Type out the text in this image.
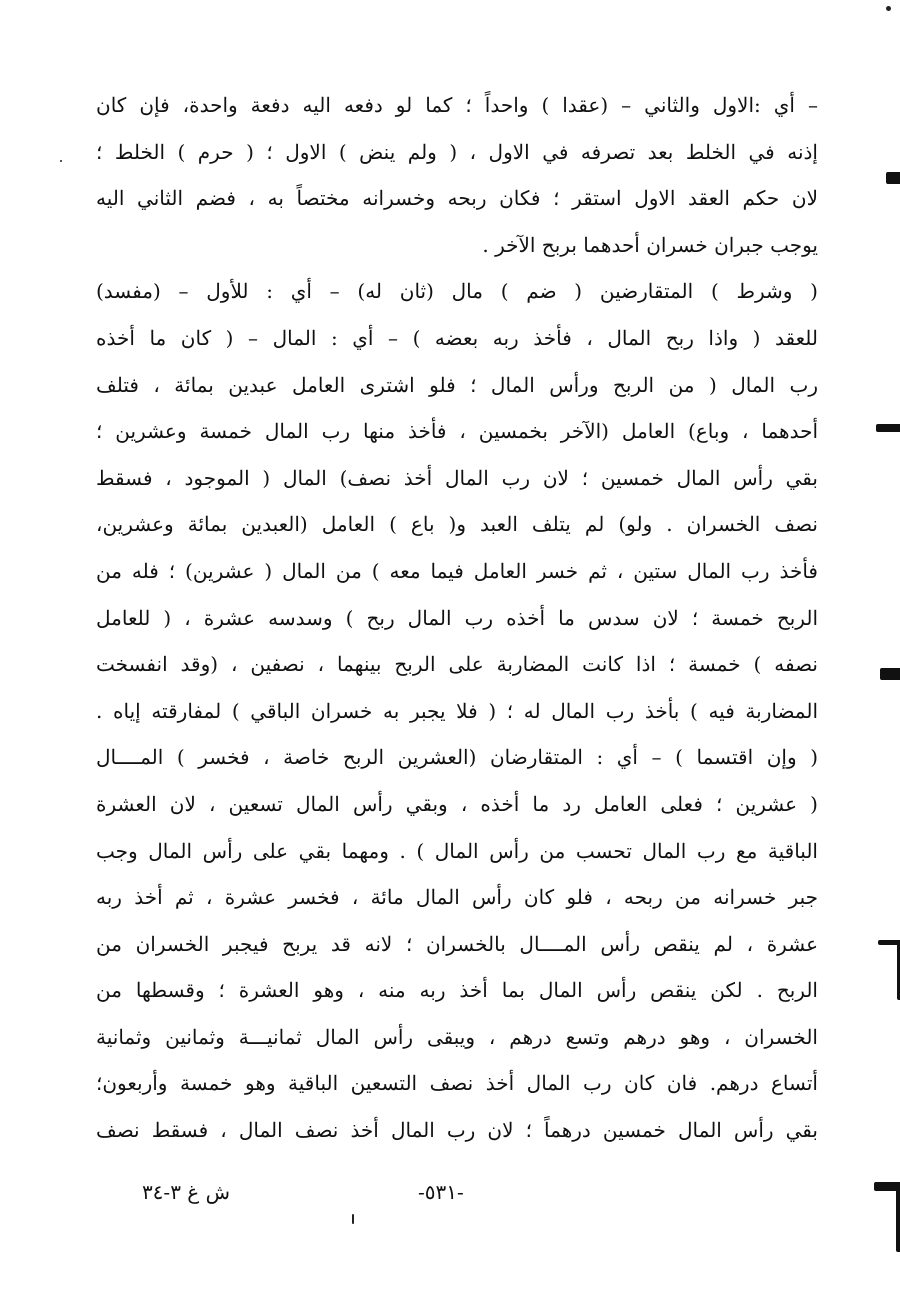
– أي :الاول والثاني – (عقدا ) واحداً ؛ كما لو دفعه اليه دفعة واحدة، فإن كان
إذنه في الخلط بعد تصرفه في الاول ، ( ولم ينض ) الاول ؛ ( حرم ) الخلط ؛
لان حكم العقد الاول استقر ؛ فكان ربحه وخسرانه مختصاً به ، فضم الثاني اليه
يوجب جبران خسران أحدهما بربح الآخر .
( وشرط ) المتقارضين ( ضم ) مال (ثان له) – أي : للأول – (مفسد)
للعقد ( واذا ربح المال ، فأخذ ربه بعضه ) – أي : المال – ( كان ما أخذه
رب المال ( من الربح ورأس المال ؛ فلو اشترى العامل عبدين بمائة ، فتلف
أحدهما ، وباع) العامل (الآخر بخمسين ، فأخذ منها رب المال خمسة وعشرين ؛
بقي رأس المال خمسين ؛ لان رب المال أخذ نصف) المال ( الموجود ، فسقط
نصف الخسران . ولو) لم يتلف العبد و( باع ) العامل (العبدين بمائة وعشرين،
فأخذ رب المال ستين ، ثم خسر العامل فيما معه ) من المال ( عشرين) ؛ فله من
الربح خمسة ؛ لان سدس ما أخذه رب المال ربح ) وسدسه عشرة ، ( للعامل
نصفه ) خمسة ؛ اذا كانت المضاربة على الربح بينهما ، نصفين ، (وقد انفسخت
المضاربة فيه ) بأخذ رب المال له ؛ ( فلا يجبر به خسران الباقي ) لمفارقته إياه .
( وإن اقتسما ) – أي : المتقارضان (العشرين الربح خاصة ، فخسر ) المــــال
( عشرين ؛ فعلى العامل رد ما أخذه ، وبقي رأس المال تسعين ، لان العشرة
الباقية مع رب المال تحسب من رأس المال ) . ومهما بقي على رأس المال وجب
جبر خسرانه من ربحه ، فلو كان رأس المال مائة ، فخسر عشرة ، ثم أخذ ربه
عشرة ، لم ينقص رأس المــــال بالخسران ؛ لانه قد يربح فيجبر الخسران من
الربح . لكن ينقص رأس المال بما أخذ ربه منه ، وهو العشرة ؛ وقسطها من
الخسران ، وهو درهم وتسع درهم ، ويبقى رأس المال ثمانيـــة وثمانين وثمانية
أتساع درهم. فان كان رب المال أخذ نصف التسعين الباقية وهو خمسة وأربعون؛
بقي رأس المال خمسين درهماً ؛ لان رب المال أخذ نصف المال ، فسقط نصف
ش غ ٣-٣٤	-٥٣١-
